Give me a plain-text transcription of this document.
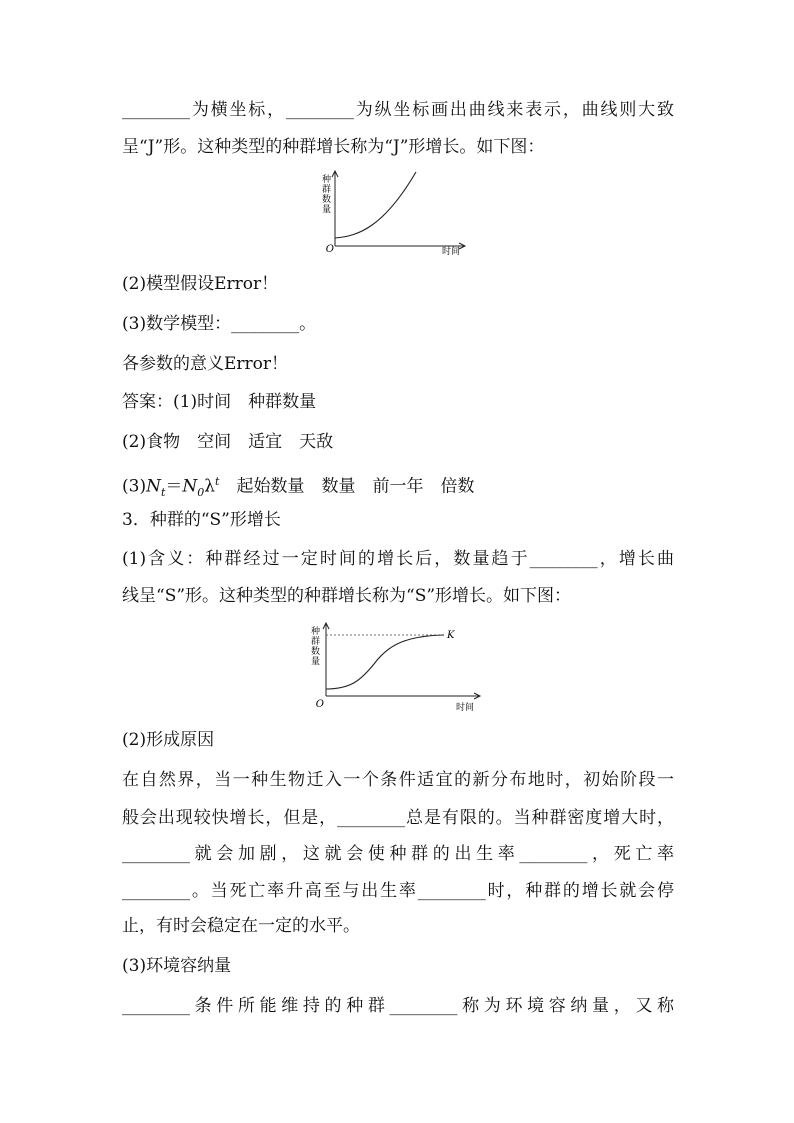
________为横坐标，________为纵坐标画出曲线来表示，曲线则大致
呈“J”形。这种类型的种群增长称为“J”形增长。如下图：
种
群
数
量
O	时间
(2)模型假设Error！
(3)数学模型：________。
各参数的意义Error！
答案：(1)时间　种群数量
(2)食物　空间　适宜　天敌
$(3)N_t=N_0\lambda^t$　起始数量　数量　前一年　倍数
3．种群的“S”形增长
(1)含义：种群经过一定时间的增长后，数量趋于________，增长曲
线呈“S”形。这种类型的种群增长称为“S”形增长。如下图：
种
群
数
量
K
O	时间
(2)形成原因
在自然界，当一种生物迁入一个条件适宜的新分布地时，初始阶段一
般会出现较快增长，但是，________总是有限的。当种群密度增大时，
________就会加剧，这就会使种群的出生率________，死亡率
________。当死亡率升高至与出生率________时，种群的增长就会停
止，有时会稳定在一定的水平。
(3)环境容纳量
________条件所能维持的种群________称为环境容纳量，又称
